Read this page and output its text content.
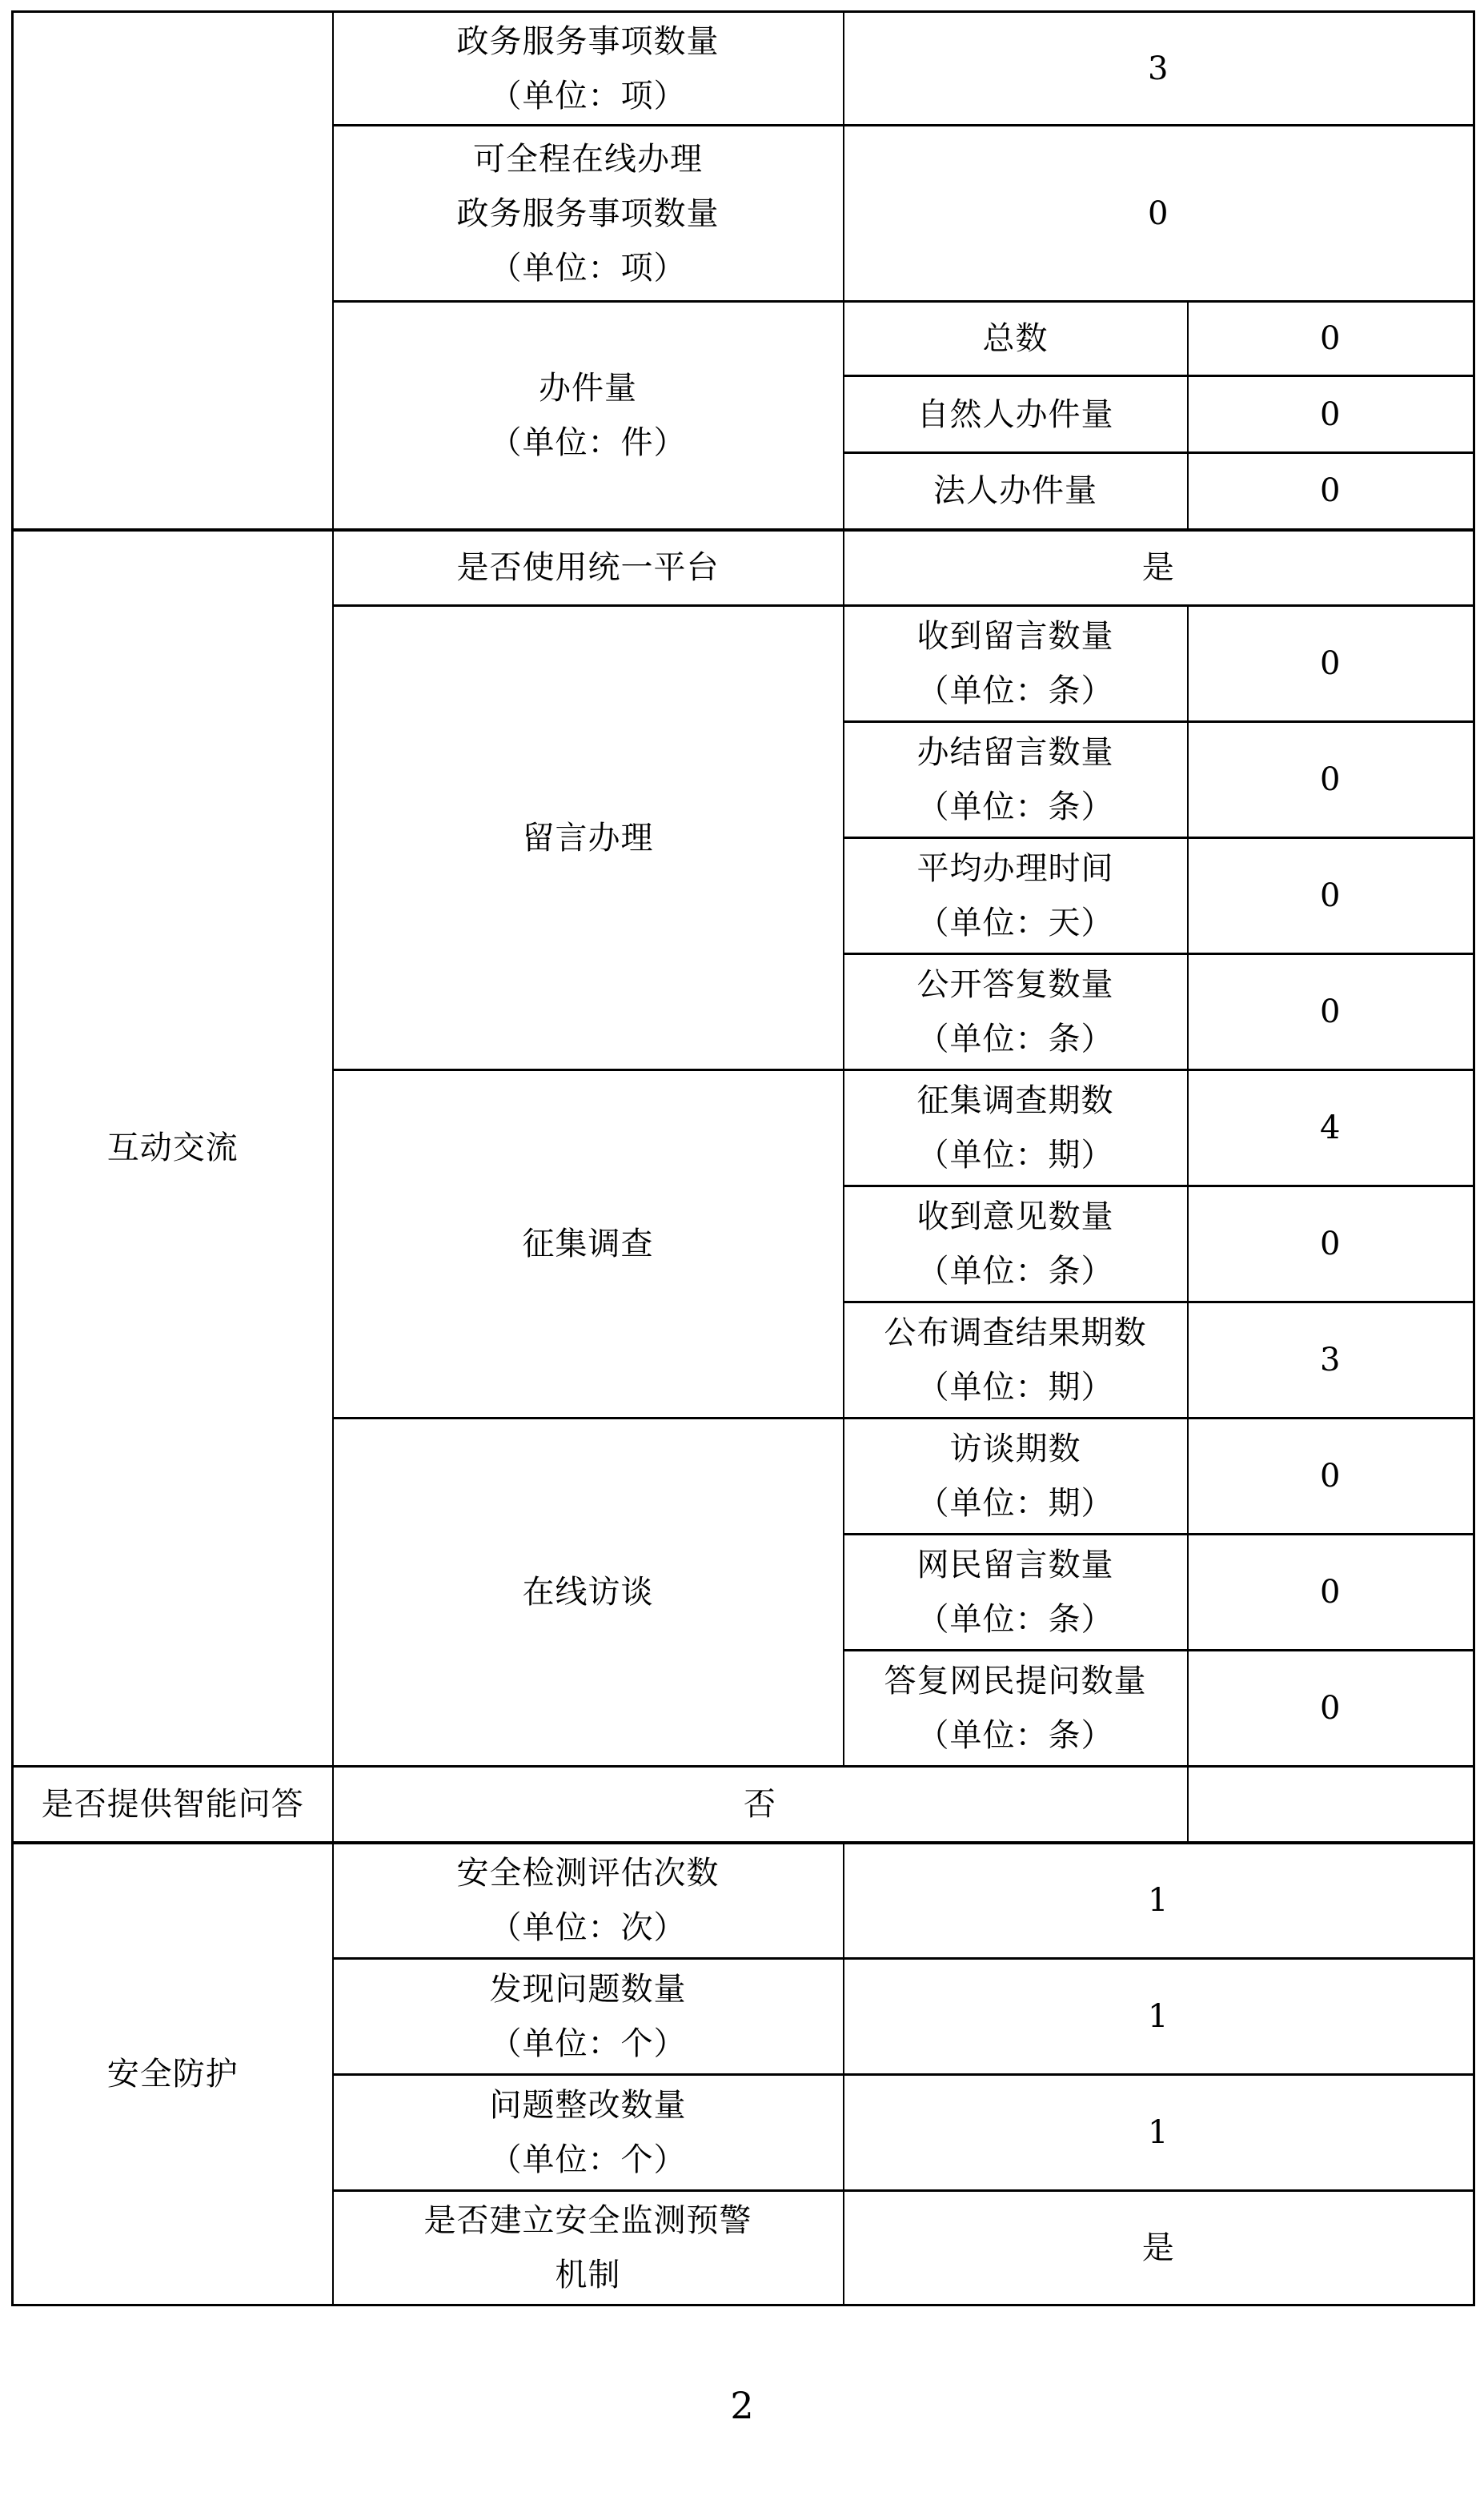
	政务服务事项数量
（单位：项）	3	

	可全程在线办理
政务服务事项数量
（单位：项）	0	

	办件量
（单位：件）	总数	0
		自然人办件量	0
		法人办件量	0
互动交流	是否使用统一平台	是	
	留言办理	收到留言数量
（单位：条）	0

		办结留言数量
（单位：条）	0

		平均办理时间
（单位：天）	0

		公开答复数量
（单位：条）	0
	征集调查	征集调查期数
（单位：期）	4

		收到意见数量
（单位：条）	0

		公布调查结果期数
（单位：期）	3
	在线访谈	访谈期数
（单位：期）	0

		网民留言数量
（单位：条）	0

		答复网民提问数量
（单位：条）	0
是否提供智能问答	否		
安全防护	安全检测评估次数
（单位：次）	1	

	发现问题数量
（单位：个）	1	

	问题整改数量
（单位：个）	1	

	是否建立安全监测预警
机制	是	
2
